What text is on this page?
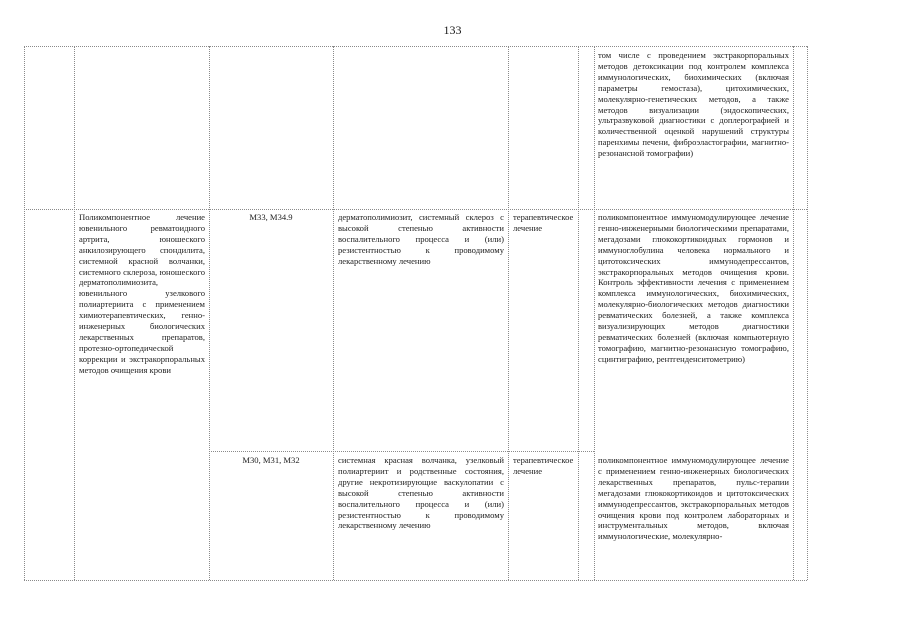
133
том числе с проведением экстракорпоральных методов детоксикации под контролем комплекса иммунологических, биохимических (включая параметры гемостаза), цитохимических, молекулярно-генетических методов, а также методов визуализации (эндоскопических, ультразвуковой диагностики с доплерографией и количественной оценкой нарушений структуры паренхимы печени, фиброэластографии, магнитно-резонансной томографии)
Поликомпонентное лечение ювенильного ревматоидного артрита, юношеского анкилозирующего спондилита, системной красной волчанки, системного склероза, юношеского дерматополимиозита, ювенильного узелкового полиартериита с применением химиотерапевтических, генно-инженерных биологических лекарственных препаратов, протезно-ортопедической коррекции и экстракорпоральных методов очищения крови
M33, M34.9	дерматополимиозит, системный склероз с высокой степенью активности воспалительного процесса и (или) резистентностью к проводимому лекарственному лечению
терапевтическое лечение
поликомпонентное иммуномодулирующее лечение генно-инженерными биологическими препаратами, мегадозами глюкокортикоидных гормонов и иммуноглобулина человека нормального и цитотоксических иммунодепрессантов, экстракорпоральных методов очищения крови. Контроль эффективности лечения с применением комплекса иммунологических, биохимических, молекулярно-биологических методов диагностики ревматических болезней, а также комплекса визуализирующих методов диагностики ревматических болезней (включая компьютерную томографию, магнитно-резонансную томографию, сцинтиграфию, рентгенденситометрию)
M30, M31, M32	системная красная волчанка, узелковый полиартериит и родственные состояния, другие некротизирующие васкулопатии с высокой степенью активности воспалительного процесса и (или) резистентностью к проводимому лекарственному лечению
терапевтическое лечение
поликомпонентное иммуномодулирующее лечение с применением генно-инженерных биологических лекарственных препаратов, пульс-терапии мегадозами глюкокортикоидов и цитотоксических иммунодепрессантов, экстракорпоральных методов очищения крови под контролем лабораторных и инструментальных методов, включая иммунологические, молекулярно-
